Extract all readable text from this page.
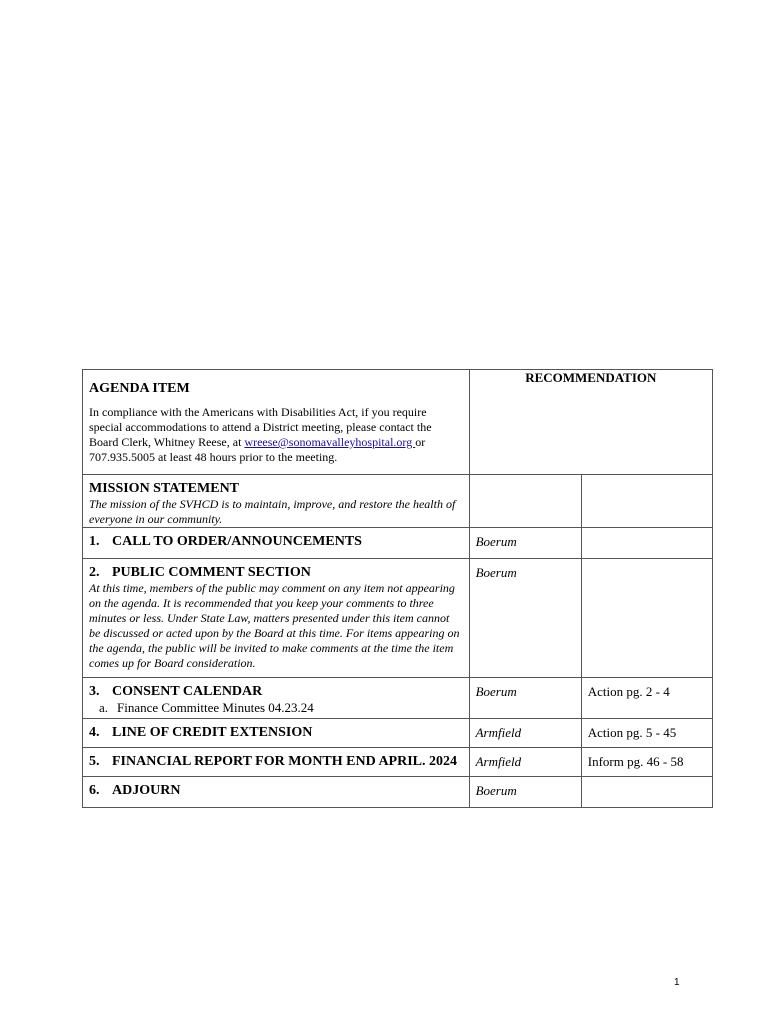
AGENDA ITEM
In compliance with the Americans with Disabilities Act, if you require special accommodations to attend a District meeting, please contact the Board Clerk, Whitney Reese, at wreese@sonomavalleyhospital.org or 707.935.5005 at least 48 hours prior to the meeting.	RECOMMENDATION	

MISSION STATEMENT
The mission of the SVHCD is to maintain, improve, and restore the health of everyone in our community.		

1. CALL TO ORDER/ANNOUNCEMENTS	Boerum	

2. PUBLIC COMMENT SECTION
At this time, members of the public may comment on any item not appearing on the agenda. It is recommended that you keep your comments to three minutes or less. Under State Law, matters presented under this item cannot be discussed or acted upon by the Board at this time. For items appearing on the agenda, the public will be invited to make comments at the time the item comes up for Board consideration.	Boerum	

3. CONSENT CALENDAR
a. Finance Committee Minutes 04.23.24	Boerum	Action pg. 2 - 4

4. LINE OF CREDIT EXTENSION	Armfield	Action pg. 5 - 45

5. FINANCIAL REPORT FOR MONTH END APRIL. 2024	Armfield	Inform pg. 46 - 58

6. ADJOURN	Boerum	
1
